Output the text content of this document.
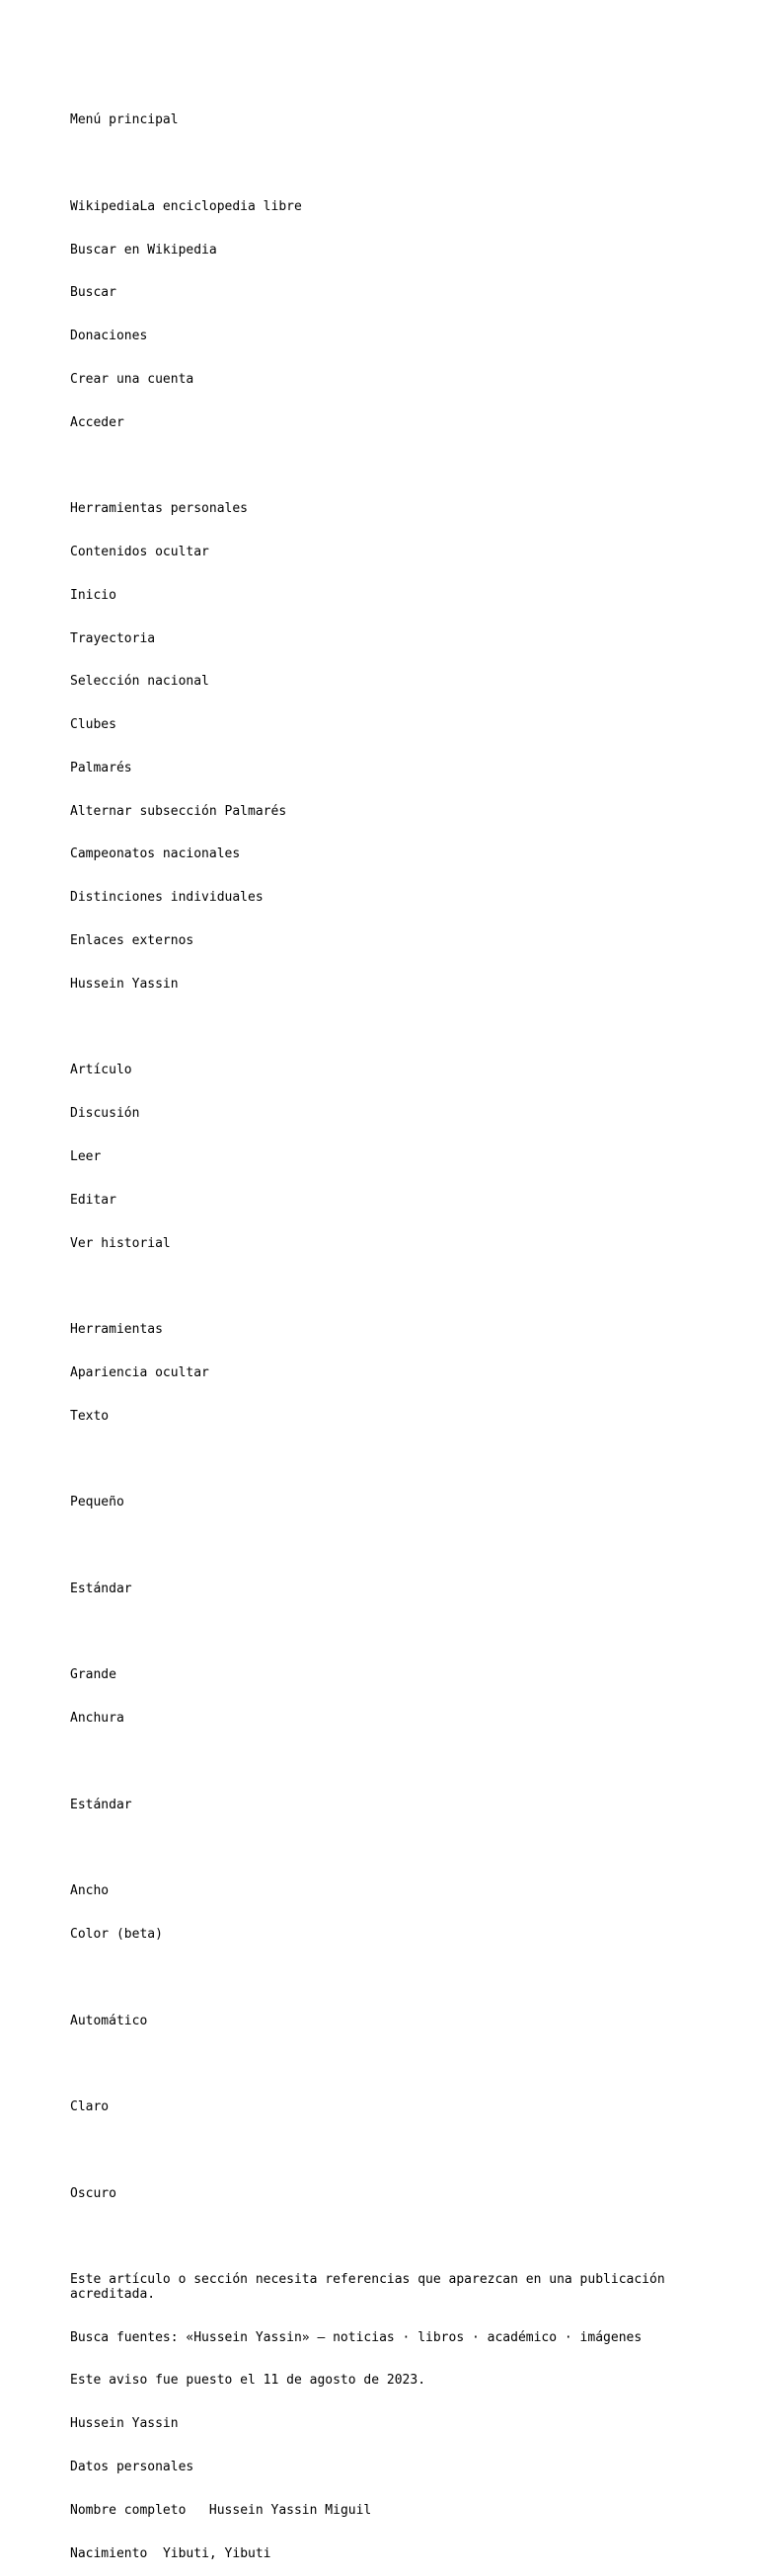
Menú principal

WikipediaLa enciclopedia libre

Buscar en Wikipedia

Buscar

Donaciones

Crear una cuenta

Acceder

Herramientas personales

Contenidos ocultar

Inicio

Trayectoria

Selección nacional

Clubes

Palmarés

Alternar subsección Palmarés

Campeonatos nacionales

Distinciones individuales

Enlaces externos

Hussein Yassin

Artículo

Discusión

Leer

Editar

Ver historial

Herramientas

Apariencia ocultar

Texto

Pequeño

Estándar

Grande

Anchura

Estándar

Ancho

Color (beta)

Automático

Claro

Oscuro

Este artículo o sección necesita referencias que aparezcan en una publicación acreditada.

Busca fuentes: «Hussein Yassin» – noticias · libros · académico · imágenes

Este aviso fue puesto el 11 de agosto de 2023.

Hussein Yassin

Datos personales

Nombre completo Hussein Yassin Miguil

Nacimiento Yibuti, Yibuti
